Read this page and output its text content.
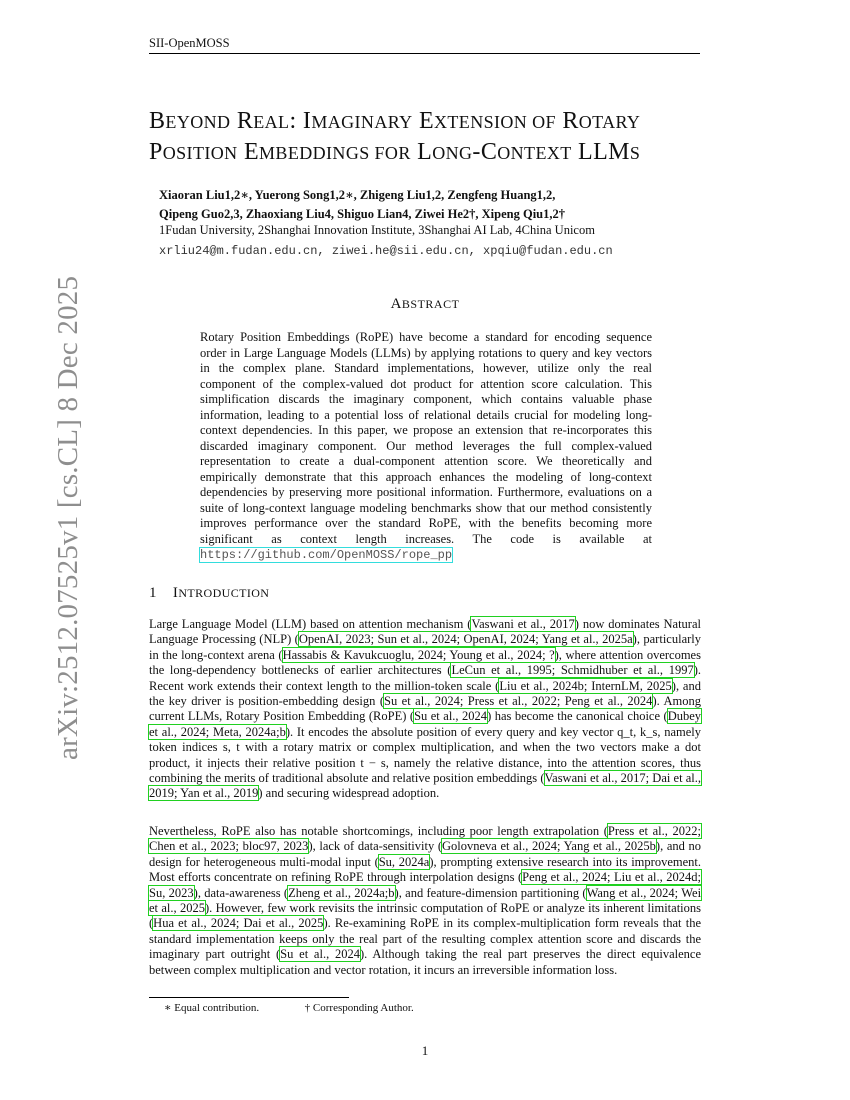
SII-OpenMOSS
arXiv:2512.07525v1 [cs.CL] 8 Dec 2025
BEYOND REAL: IMAGINARY EXTENSION OF ROTARY
POSITION EMBEDDINGS FOR LONG-CONTEXT LLMS
Xiaoran Liu1,2∗, Yuerong Song1,2∗, Zhigeng Liu1,2, Zengfeng Huang1,2,
Qipeng Guo2,3, Zhaoxiang Liu4, Shiguo Lian4, Ziwei He2†, Xipeng Qiu1,2†
1Fudan University, 2Shanghai Innovation Institute, 3Shanghai AI Lab, 4China Unicom
xrliu24@m.fudan.edu.cn, ziwei.he@sii.edu.cn, xpqiu@fudan.edu.cn
ABSTRACT
Rotary Position Embeddings (RoPE) have become a standard for encoding sequence order in Large Language Models (LLMs) by applying rotations to query and key vectors in the complex plane. Standard implementations, however, utilize only the real component of the complex-valued dot product for attention score calculation. This simplification discards the imaginary component, which contains valuable phase information, leading to a potential loss of relational details crucial for modeling long-context dependencies. In this paper, we propose an extension that re-incorporates this discarded imaginary component. Our method leverages the full complex-valued representation to create a dual-component attention score. We theoretically and empirically demonstrate that this approach enhances the modeling of long-context dependencies by preserving more positional information. Furthermore, evaluations on a suite of long-context language modeling benchmarks show that our method consistently improves performance over the standard RoPE, with the benefits becoming more significant as context length increases. The code is available at https://github.com/OpenMOSS/rope_pp
1 INTRODUCTION
Large Language Model (LLM) based on attention mechanism (Vaswani et al., 2017) now dominates Natural Language Processing (NLP) (OpenAI, 2023; Sun et al., 2024; OpenAI, 2024; Yang et al., 2025a), particularly in the long-context arena (Hassabis & Kavukcuoglu, 2024; Young et al., 2024; ?), where attention overcomes the long-dependency bottlenecks of earlier architectures (LeCun et al., 1995; Schmidhuber et al., 1997). Recent work extends their context length to the million-token scale (Liu et al., 2024b; InternLM, 2025), and the key driver is position-embedding design (Su et al., 2024; Press et al., 2022; Peng et al., 2024). Among current LLMs, Rotary Position Embedding (RoPE) (Su et al., 2024) has become the canonical choice (Dubey et al., 2024; Meta, 2024a;b). It encodes the absolute position of every query and key vector q_t, k_s, namely token indices s, t with a rotary matrix or complex multiplication, and when the two vectors make a dot product, it injects their relative position t − s, namely the relative distance, into the attention scores, thus combining the merits of traditional absolute and relative position embeddings (Vaswani et al., 2017; Dai et al., 2019; Yan et al., 2019) and securing widespread adoption.
Nevertheless, RoPE also has notable shortcomings, including poor length extrapolation (Press et al., 2022; Chen et al., 2023; bloc97, 2023), lack of data-sensitivity (Golovneva et al., 2024; Yang et al., 2025b), and no design for heterogeneous multi-modal input (Su, 2024a), prompting extensive research into its improvement. Most efforts concentrate on refining RoPE through interpolation designs (Peng et al., 2024; Liu et al., 2024d; Su, 2023), data-awareness (Zheng et al., 2024a;b), and feature-dimension partitioning (Wang et al., 2024; Wei et al., 2025). However, few work revisits the intrinsic computation of RoPE or analyze its inherent limitations (Hua et al., 2024; Dai et al., 2025). Re-examining RoPE in its complex-multiplication form reveals that the standard implementation keeps only the real part of the resulting complex attention score and discards the imaginary part outright (Su et al., 2024). Although taking the real part preserves the direct equivalence between complex multiplication and vector rotation, it incurs an irreversible information loss.
∗ Equal contribution.	† Corresponding Author.
1
